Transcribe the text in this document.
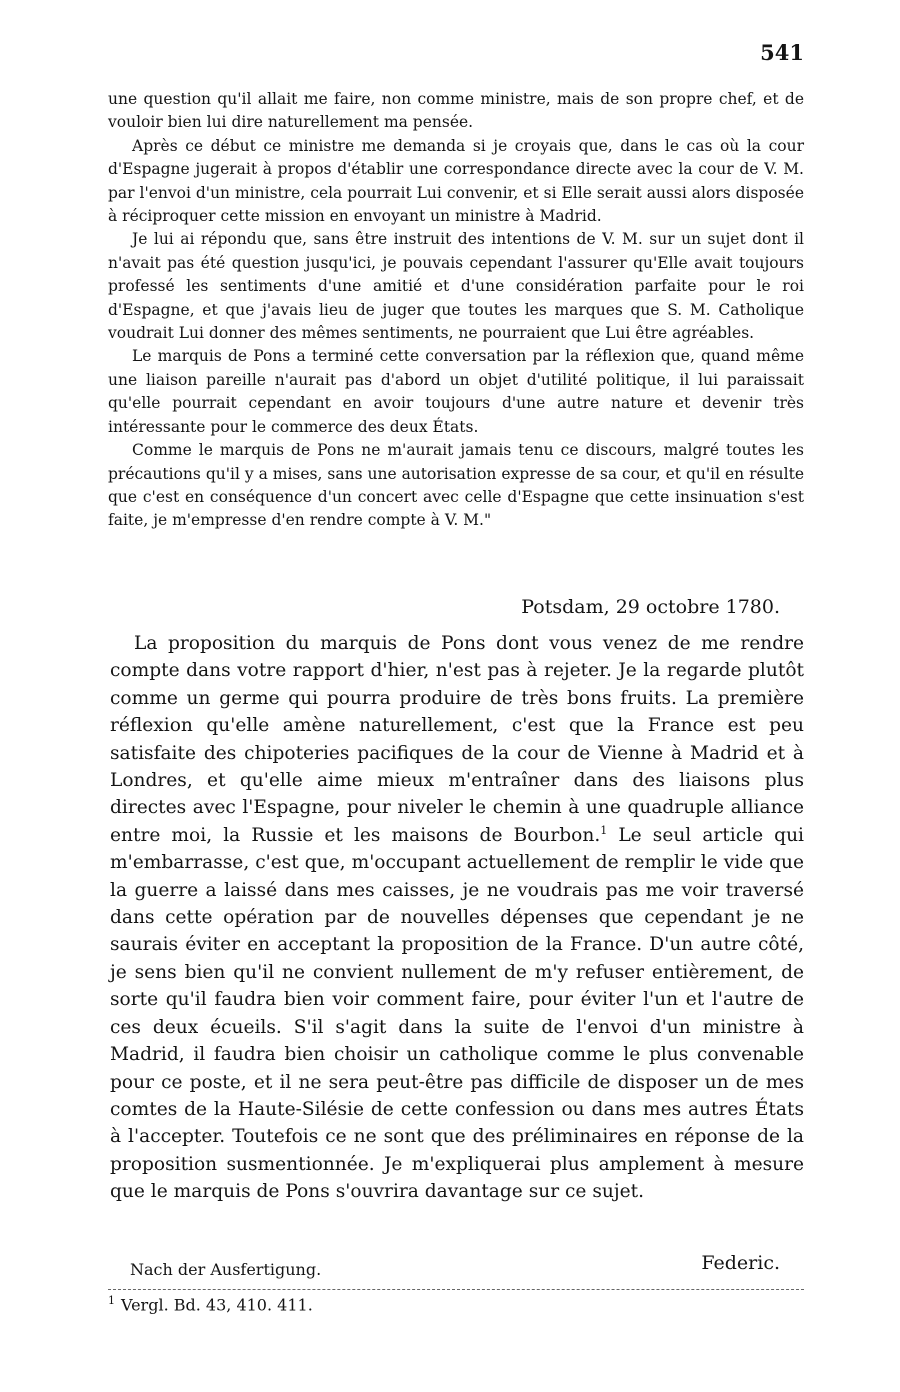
541

une question qu'il allait me faire, non comme ministre, mais de son propre chef, et de vouloir bien lui dire naturellement ma pensée.

Après ce début ce ministre me demanda si je croyais que, dans le cas où la cour d'Espagne jugerait à propos d'établir une correspondance directe avec la cour de V. M. par l'envoi d'un ministre, cela pourrait Lui convenir, et si Elle serait aussi alors disposée à réciproquer cette mission en envoyant un ministre à Madrid.

Je lui ai répondu que, sans être instruit des intentions de V. M. sur un sujet dont il n'avait pas été question jusqu'ici, je pouvais cependant l'assurer qu'Elle avait toujours professé les sentiments d'une amitié et d'une considération parfaite pour le roi d'Espagne, et que j'avais lieu de juger que toutes les marques que S. M. Catholique voudrait Lui donner des mêmes sentiments, ne pourraient que Lui être agréables.

Le marquis de Pons a terminé cette conversation par la réflexion que, quand même une liaison pareille n'aurait pas d'abord un objet d'utilité politique, il lui paraissait qu'elle pourrait cependant en avoir toujours d'une autre nature et devenir très intéressante pour le commerce des deux États.

Comme le marquis de Pons ne m'aurait jamais tenu ce discours, malgré toutes les précautions qu'il y a mises, sans une autorisation expresse de sa cour, et qu'il en résulte que c'est en conséquence d'un concert avec celle d'Espagne que cette insinuation s'est faite, je m'empresse d'en rendre compte à V. M."

Potsdam, 29 octobre 1780.

La proposition du marquis de Pons dont vous venez de me rendre compte dans votre rapport d'hier, n'est pas à rejeter. Je la regarde plutôt comme un germe qui pourra produire de très bons fruits. La première réflexion qu'elle amène naturellement, c'est que la France est peu satisfaite des chipoteries pacifiques de la cour de Vienne à Madrid et à Londres, et qu'elle aime mieux m'entraîner dans des liaisons plus directes avec l'Espagne, pour niveler le chemin à une quadruple alliance entre moi, la Russie et les maisons de Bourbon.$^1$ Le seul article qui m'embarrasse, c'est que, m'occupant actuellement de remplir le vide que la guerre a laissé dans mes caisses, je ne voudrais pas me voir traversé dans cette opération par de nouvelles dépenses que cependant je ne saurais éviter en acceptant la proposition de la France. D'un autre côté, je sens bien qu'il ne convient nullement de m'y refuser entièrement, de sorte qu'il faudra bien voir comment faire, pour éviter l'un et l'autre de ces deux écueils. S'il s'agit dans la suite de l'envoi d'un ministre à Madrid, il faudra bien choisir un catholique comme le plus convenable pour ce poste, et il ne sera peut-être pas difficile de disposer un de mes comtes de la Haute-Silésie de cette confession ou dans mes autres États à l'accepter. Toutefois ce ne sont que des préliminaires en réponse de la proposition susmentionnée. Je m'expliquerai plus amplement à mesure que le marquis de Pons s'ouvrira davantage sur ce sujet.

Nach der Ausfertigung.	Federic.
$^1$ Vergl. Bd. 43, 410. 411.
